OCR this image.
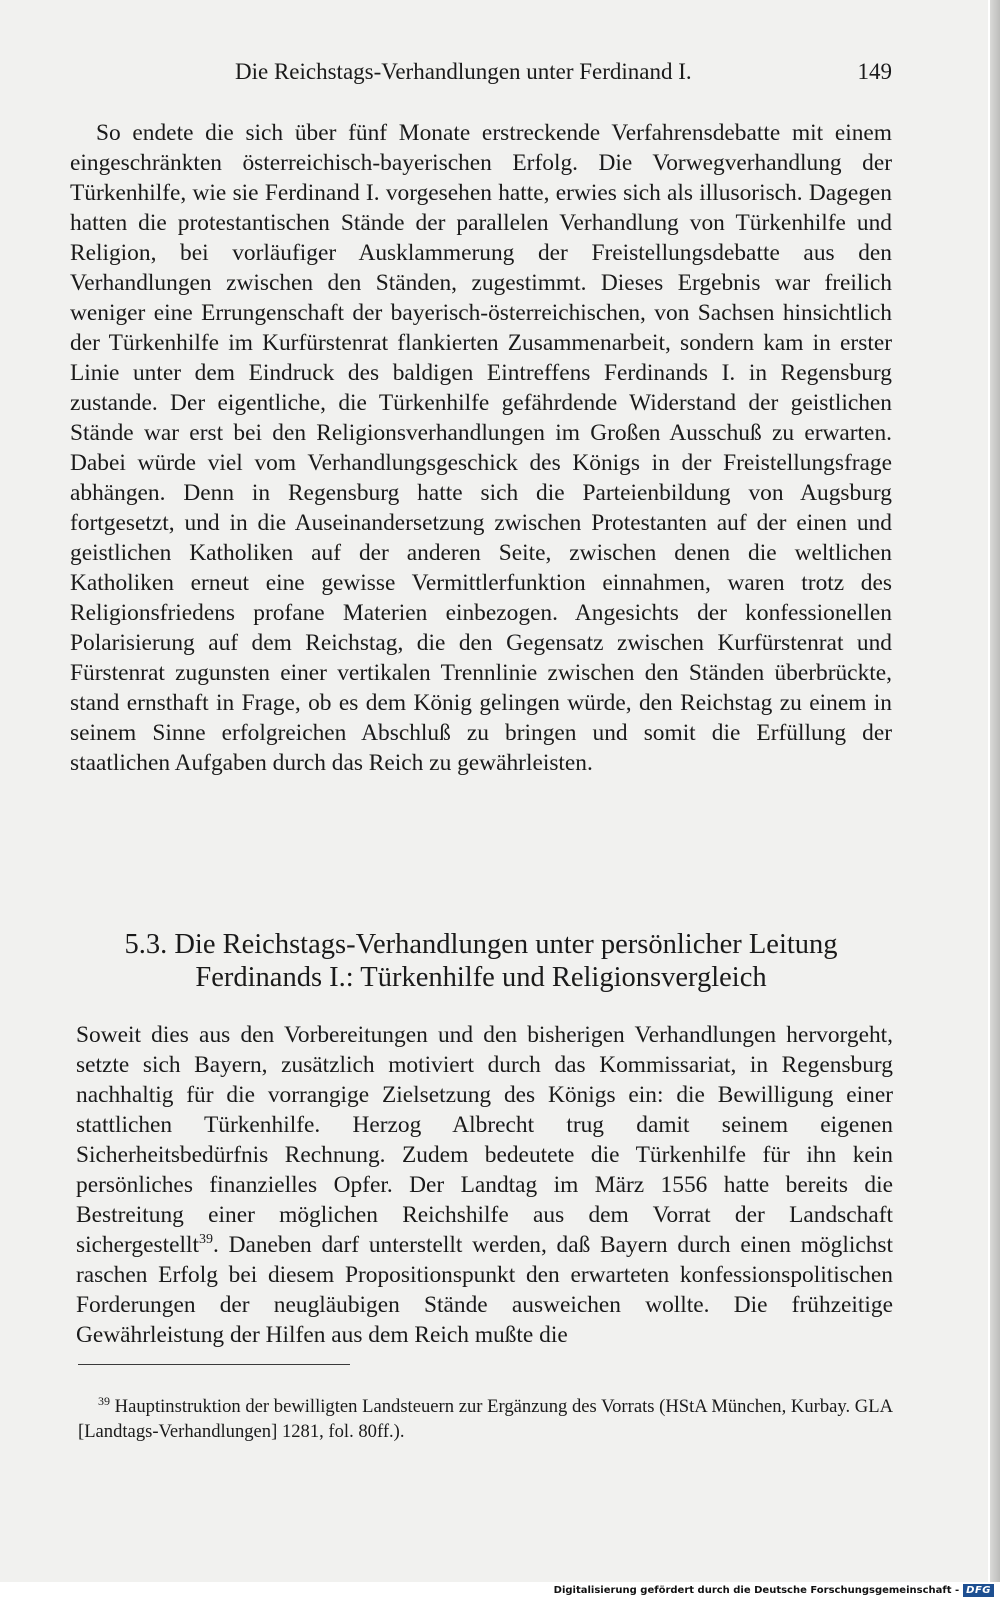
Die Reichstags-Verhandlungen unter Ferdinand I.	149

So endete die sich über fünf Monate erstreckende Verfahrensdebatte mit einem eingeschränkten österreichisch-bayerischen Erfolg. Die Vorwegverhandlung der Türkenhilfe, wie sie Ferdinand I. vorgesehen hatte, erwies sich als illusorisch. Dagegen hatten die protestantischen Stände der parallelen Verhandlung von Türkenhilfe und Religion, bei vorläufiger Ausklammerung der Freistellungsdebatte aus den Verhandlungen zwischen den Ständen, zugestimmt. Dieses Ergebnis war freilich weniger eine Errungenschaft der bayerisch-österreichischen, von Sachsen hinsichtlich der Türkenhilfe im Kurfürstenrat flankierten Zusammenarbeit, sondern kam in erster Linie unter dem Eindruck des baldigen Eintreffens Ferdinands I. in Regensburg zustande. Der eigentliche, die Türkenhilfe gefährdende Widerstand der geistlichen Stände war erst bei den Religionsverhandlungen im Großen Ausschuß zu erwarten. Dabei würde viel vom Verhandlungsgeschick des Königs in der Freistellungsfrage abhängen. Denn in Regensburg hatte sich die Parteienbildung von Augsburg fortgesetzt, und in die Auseinandersetzung zwischen Protestanten auf der einen und geistlichen Katholiken auf der anderen Seite, zwischen denen die weltlichen Katholiken erneut eine gewisse Vermittlerfunktion einnahmen, waren trotz des Religionsfriedens profane Materien einbezogen. Angesichts der konfessionellen Polarisierung auf dem Reichstag, die den Gegensatz zwischen Kurfürstenrat und Fürstenrat zugunsten einer vertikalen Trennlinie zwischen den Ständen überbrückte, stand ernsthaft in Frage, ob es dem König gelingen würde, den Reichstag zu einem in seinem Sinne erfolgreichen Abschluß zu bringen und somit die Erfüllung der staatlichen Aufgaben durch das Reich zu gewährleisten.

5.3. Die Reichstags-Verhandlungen unter persönlicher Leitung
Ferdinands I.: Türkenhilfe und Religionsvergleich

Soweit dies aus den Vorbereitungen und den bisherigen Verhandlungen hervorgeht, setzte sich Bayern, zusätzlich motiviert durch das Kommissariat, in Regensburg nachhaltig für die vorrangige Zielsetzung des Königs ein: die Bewilligung einer stattlichen Türkenhilfe. Herzog Albrecht trug damit seinem eigenen Sicherheitsbedürfnis Rechnung. Zudem bedeutete die Türkenhilfe für ihn kein persönliches finanzielles Opfer. Der Landtag im März 1556 hatte bereits die Bestreitung einer möglichen Reichshilfe aus dem Vorrat der Landschaft sichergestellt$^{39}$. Daneben darf unterstellt werden, daß Bayern durch einen möglichst raschen Erfolg bei diesem Propositionspunkt den erwarteten konfessionspolitischen Forderungen der neugläubigen Stände ausweichen wollte. Die frühzeitige Gewährleistung der Hilfen aus dem Reich mußte die

$^{39}$ Hauptinstruktion der bewilligten Landsteuern zur Ergänzung des Vorrats (HStA München, Kurbay. GLA [Landtags-Verhandlungen] 1281, fol. 80ff.).

Digitalisierung gefördert durch die Deutsche Forschungsgemeinschaft - DFG
